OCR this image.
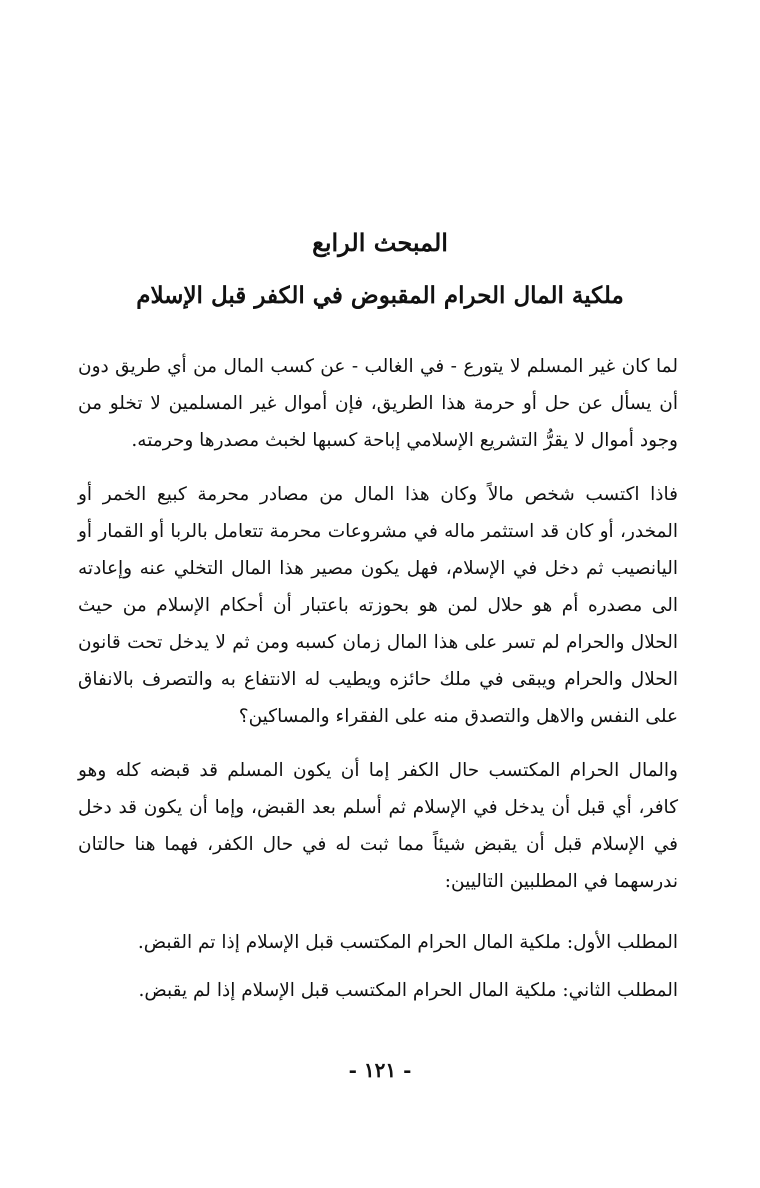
المبحث الرابع
ملكية المال الحرام المقبوض في الكفر قبل الإسلام

لما كان غير المسلم لا يتورع - في الغالب - عن كسب المال من أي طريق دون أن يسأل عن حل أو حرمة هذا الطريق، فإن أموال غير المسلمين لا تخلو من وجود أموال لا يقرُّ التشريع الإسلامي إباحة كسبها لخبث مصدرها وحرمته.

فاذا اكتسب شخص مالاً وكان هذا المال من مصادر محرمة كبيع الخمر أو المخدر، أو كان قد استثمر ماله في مشروعات محرمة تتعامل بالربا أو القمار أو اليانصيب ثم دخل في الإسلام، فهل يكون مصير هذا المال التخلي عنه وإعادته الى مصدره أم هو حلال لمن هو بحوزته باعتبار أن أحكام الإسلام من حيث الحلال والحرام لم تسر على هذا المال زمان كسبه ومن ثم لا يدخل تحت قانون الحلال والحرام ويبقى في ملك حائزه ويطيب له الانتفاع به والتصرف بالانفاق على النفس والاهل والتصدق منه على الفقراء والمساكين؟

والمال الحرام المكتسب حال الكفر إما أن يكون المسلم قد قبضه كله وهو كافر، أي قبل أن يدخل في الإسلام ثم أسلم بعد القبض، وإما أن يكون قد دخل في الإسلام قبل أن يقبض شيئاً مما ثبت له في حال الكفر، فهما هنا حالتان ندرسهما في المطلبين التاليين:

المطلب الأول: ملكية المال الحرام المكتسب قبل الإسلام إذا تم القبض.
المطلب الثاني: ملكية المال الحرام المكتسب قبل الإسلام إذا لم يقبض.
- ١٢١ -
